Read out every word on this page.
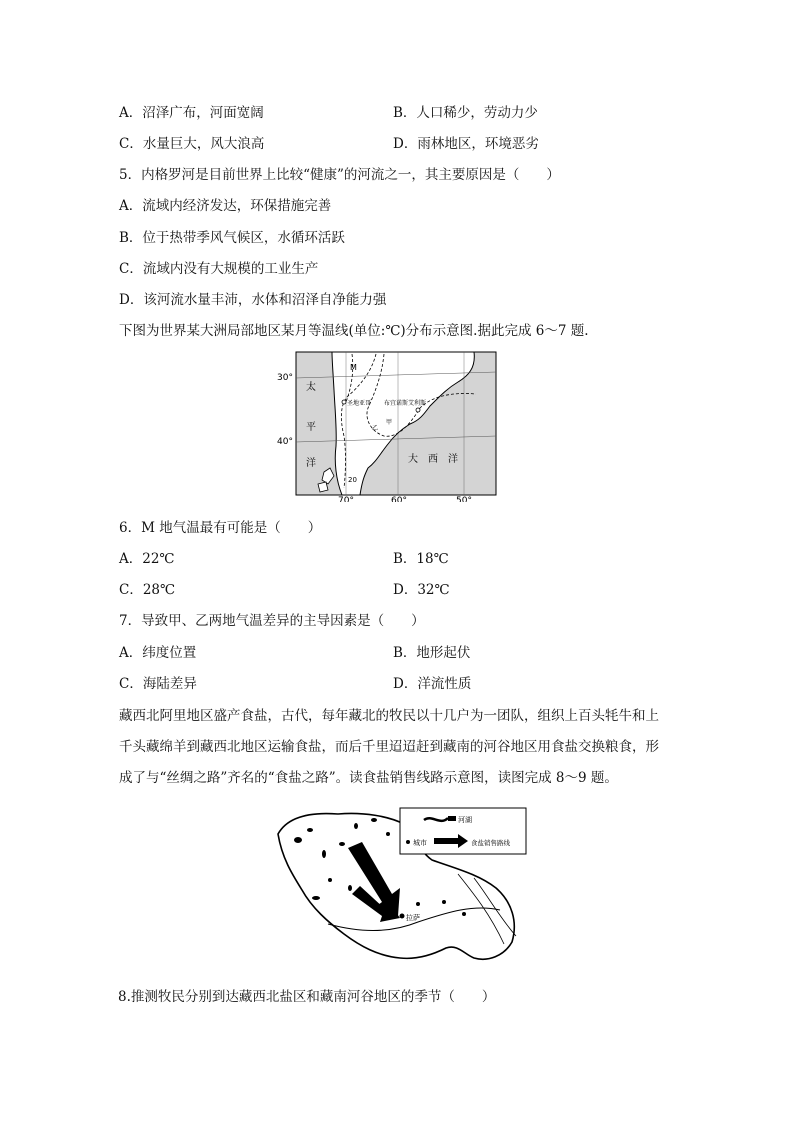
A．沼泽广布，河面宽阔	B．人口稀少，劳动力少
C．水量巨大，风大浪高	D．雨林地区，环境恶劣
5．内格罗河是目前世界上比较“健康”的河流之一，其主要原因是（　　）
A．流域内经济发达，环保措施完善
B．位于热带季风气候区，水循环活跃
C．流域内没有大规模的工业生产
D．该河流水量丰沛，水体和沼泽自净能力强
下图为世界某大洲局部地区某月等温线(单位:℃)分布示意图.据此完成 6～7 题.
M
圣地亚哥 布宜诺斯艾利斯
甲
乙
20
30°
40°
太
平
洋	大　西　洋
70°	60°	50°
6．M 地气温最有可能是（　　）
A．22℃	B．18℃
C．28℃	D．32℃
7．导致甲、乙两地气温差异的主导因素是（　　）
A．纬度位置	B．地形起伏
C．海陆差异	D．洋流性质
藏西北阿里地区盛产食盐，古代，每年藏北的牧民以十几户为一团队，组织上百头牦牛和上
千头藏绵羊到藏西北地区运输食盐，而后千里迢迢赶到藏南的河谷地区用食盐交换粮食，形
成了与“丝绸之路”齐名的“食盐之路”。读食盐销售线路示意图，读图完成 8～9 题。
拉萨
河湖
城市	食盐销售路线
8.推测牧民分别到达藏西北盐区和藏南河谷地区的季节（　　）
